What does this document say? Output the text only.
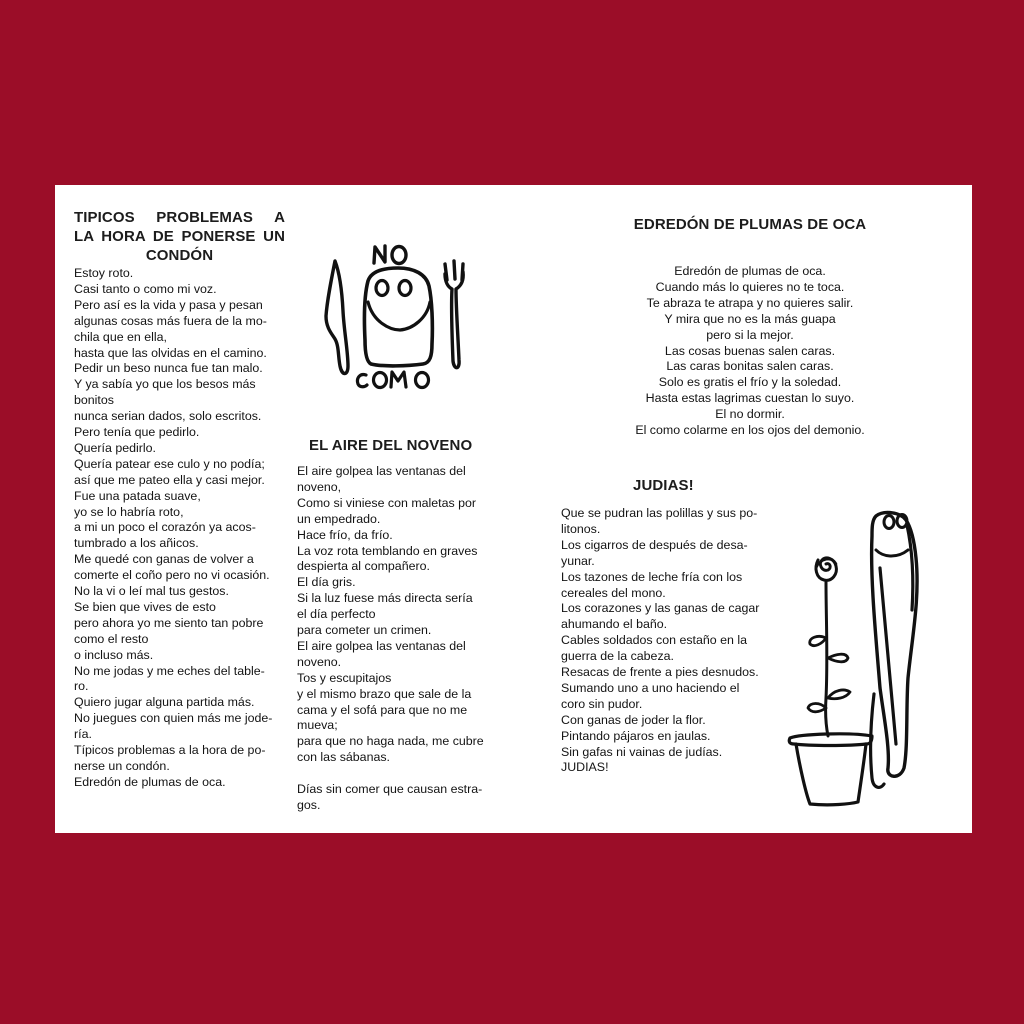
TIPICOS PROBLEMAS A
LA HORA DE PONERSE UN
CONDÓN
Estoy roto.
Casi tanto o como mi voz.
Pero así es la vida y pasa y pesan
algunas cosas más fuera de la mo-
chila que en ella,
hasta que las olvidas en el camino.
Pedir un beso nunca fue tan malo.
Y ya sabía yo que los besos más
bonitos
nunca serian dados, solo escritos.
Pero tenía que pedirlo.
Quería pedirlo.
Quería patear ese culo y no podía;
así que me pateo ella y casi mejor.
Fue una patada suave,
yo se lo habría roto,
a mi un poco el corazón ya acos-
tumbrado a los añicos.
Me quedé con ganas de volver a
comerte el coño pero no vi ocasión.
No la vi o leí mal tus gestos.
Se bien que vives de esto
pero ahora yo me siento tan pobre
como el resto
o incluso más.
No me jodas y me eches del table-
ro.
Quiero jugar alguna partida más.
No juegues con quien más me jode-
ría.
Típicos problemas a la hora de po-
nerse un condón.
Edredón de plumas de oca.
EL AIRE DEL NOVENO
El aire golpea las ventanas del
noveno,
Como si viniese con maletas por
un empedrado.
Hace frío, da frío.
La voz rota temblando en graves
despierta al compañero.
El día gris.
Si la luz fuese más directa sería
el día perfecto
para cometer un crimen.
El aire golpea las ventanas del
noveno.
Tos y escupitajos
y el mismo brazo que sale de la
cama y el sofá para que no me
mueva;
para que no haga nada, me cubre
con las sábanas.
Días sin comer que causan estra-
gos.
EDREDÓN DE PLUMAS DE OCA
Edredón de plumas de oca.
Cuando más lo quieres no te toca.
Te abraza te atrapa y no quieres salir.
Y mira que no es la más guapa
pero si la mejor.
Las cosas buenas salen caras.
Las caras bonitas salen caras.
Solo es gratis el frío y la soledad.
Hasta estas lagrimas cuestan lo suyo.
El no dormir.
El como colarme en los ojos del demonio.
JUDIAS!
Que se pudran las polillas y sus po-
litonos.
Los cigarros de después de desa-
yunar.
Los tazones de leche fría con los
cereales del mono.
Los corazones y las ganas de cagar
ahumando el baño.
Cables soldados con estaño en la
guerra de la cabeza.
Resacas de frente a pies desnudos.
Sumando uno a uno haciendo el
coro sin pudor.
Con ganas de joder la flor.
Pintando pájaros en jaulas.
Sin gafas ni vainas de judías.
JUDIAS!
